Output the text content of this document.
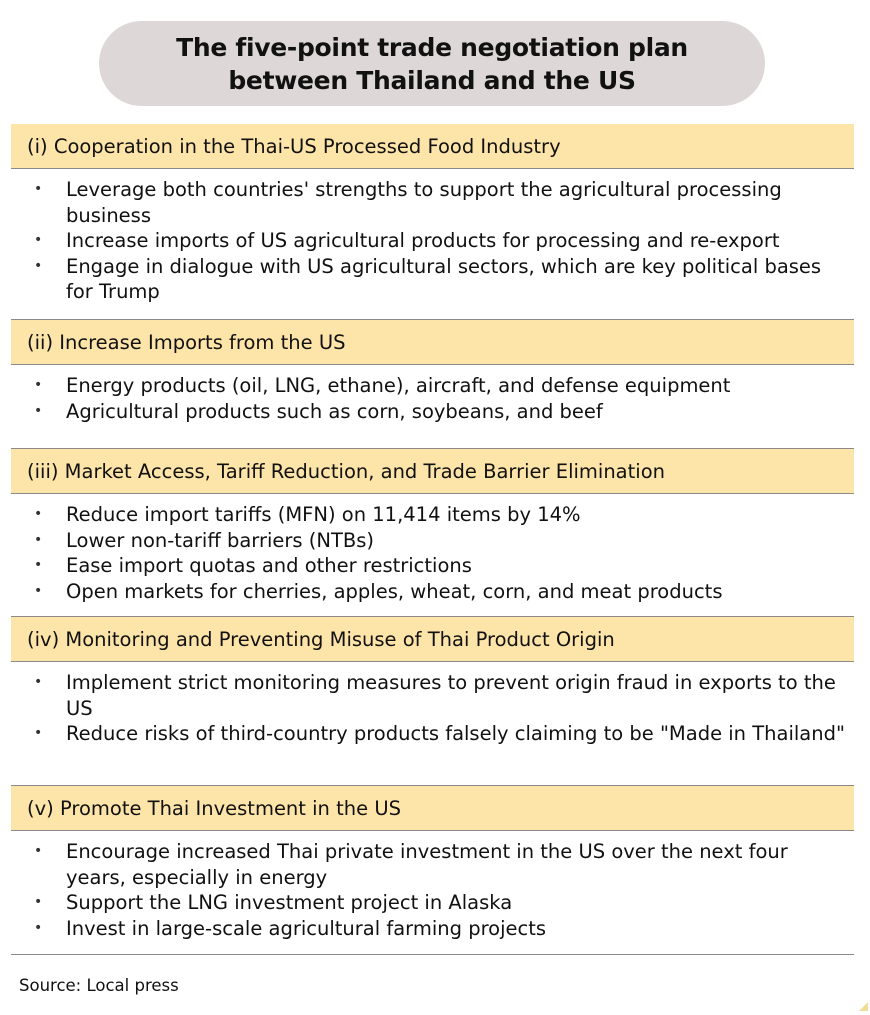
The five-point trade negotiation plan
between Thailand and the US
(i) Cooperation in the Thai-US Processed Food Industry
• Leverage both countries' strengths to support the agricultural processing business
• Increase imports of US agricultural products for processing and re-export
• Engage in dialogue with US agricultural sectors, which are key political bases for Trump
(ii) Increase Imports from the US
• Energy products (oil, LNG, ethane), aircraft, and defense equipment
• Agricultural products such as corn, soybeans, and beef
(iii) Market Access, Tariff Reduction, and Trade Barrier Elimination
• Reduce import tariffs (MFN) on 11,414 items by 14%
• Lower non-tariff barriers (NTBs)
• Ease import quotas and other restrictions
• Open markets for cherries, apples, wheat, corn, and meat products
(iv) Monitoring and Preventing Misuse of Thai Product Origin
• Implement strict monitoring measures to prevent origin fraud in exports to the US
• Reduce risks of third-country products falsely claiming to be "Made in Thailand"
(v) Promote Thai Investment in the US
• Encourage increased Thai private investment in the US over the next four years, especially in energy
• Support the LNG investment project in Alaska
• Invest in large-scale agricultural farming projects
Source: Local press
